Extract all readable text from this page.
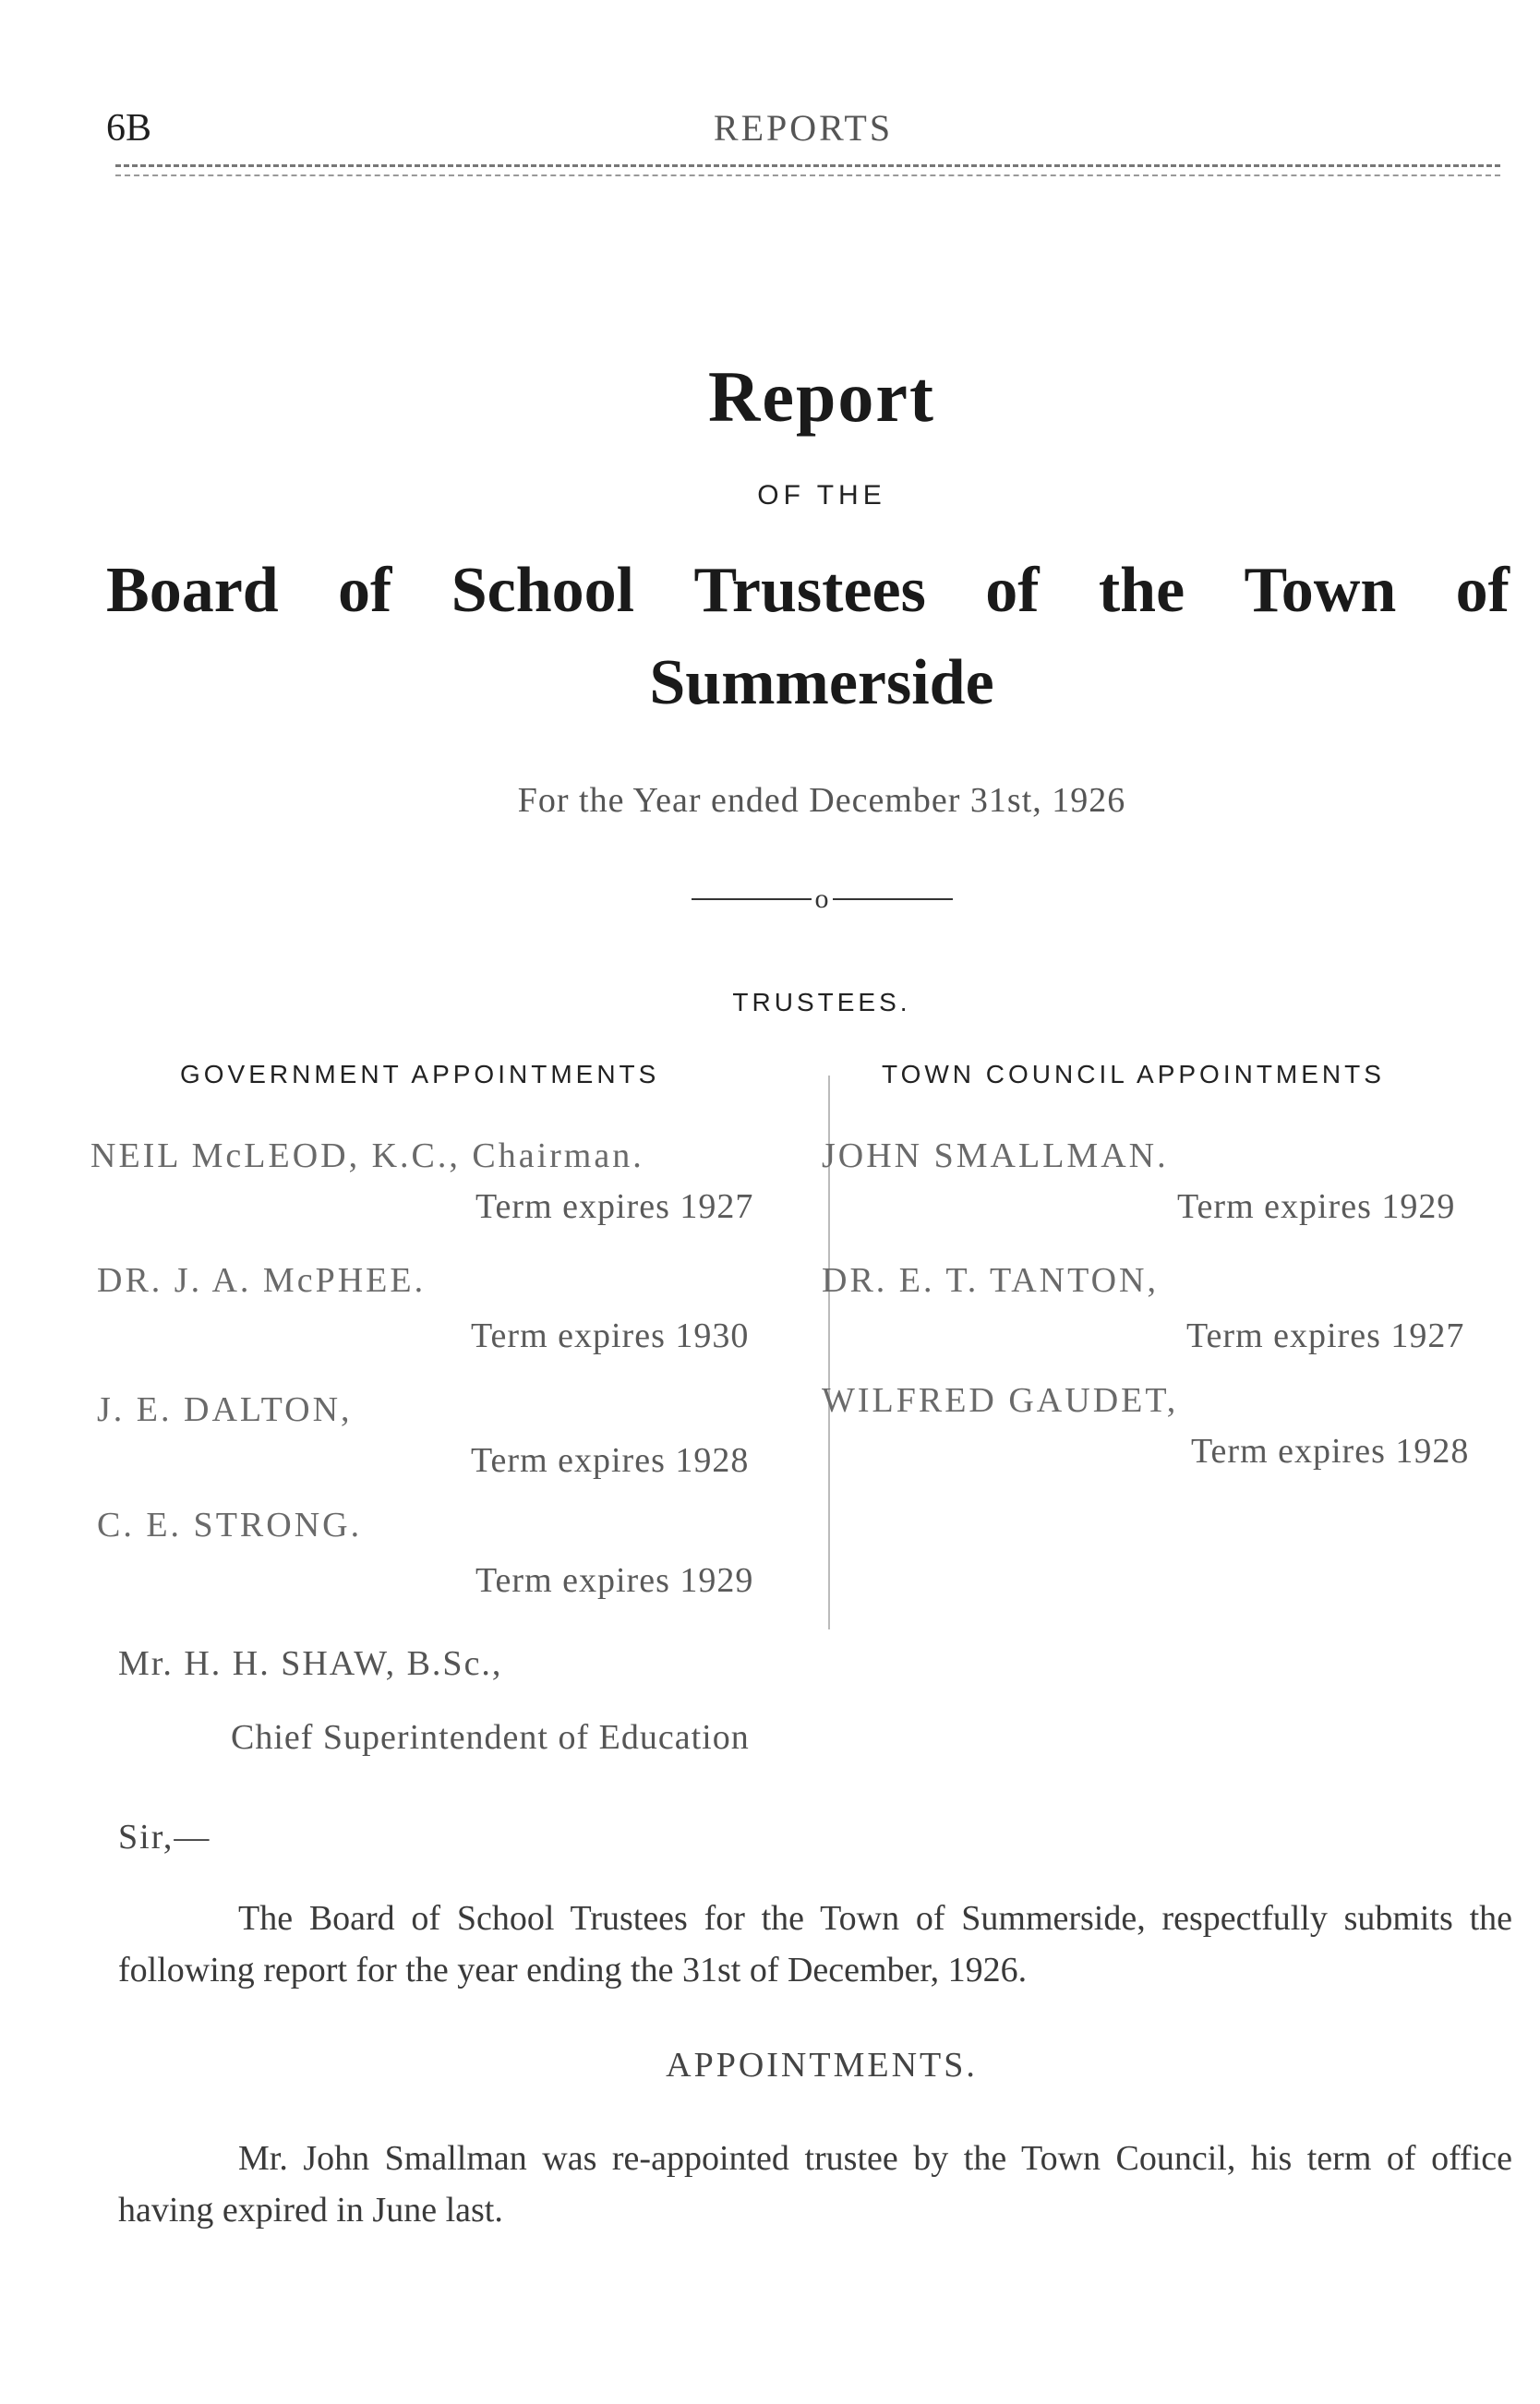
6B	REPORTS
Report
OF THE
Board of School Trustees of the Town of
Summerside
For the Year ended December 31st, 1926
o
TRUSTEES.
GOVERNMENT APPOINTMENTS	TOWN COUNCIL APPOINTMENTS
NEIL McLEOD, K.C., Chairman.
Term expires 1927
DR. J. A. McPHEE.
Term expires 1930
J. E. DALTON,
Term expires 1928
C. E. STRONG.
Term expires 1929
JOHN SMALLMAN.
Term expires 1929
DR. E. T. TANTON,
Term expires 1927
WILFRED GAUDET,
Term expires 1928
Mr. H. H. SHAW, B.Sc.,
Chief Superintendent of Education
Sir,—
The Board of School Trustees for the Town of Summerside, respectfully submits the following report for the year ending the 31st of December, 1926.
APPOINTMENTS.
Mr. John Smallman was re-appointed trustee by the Town Council, his term of office having expired in June last.
